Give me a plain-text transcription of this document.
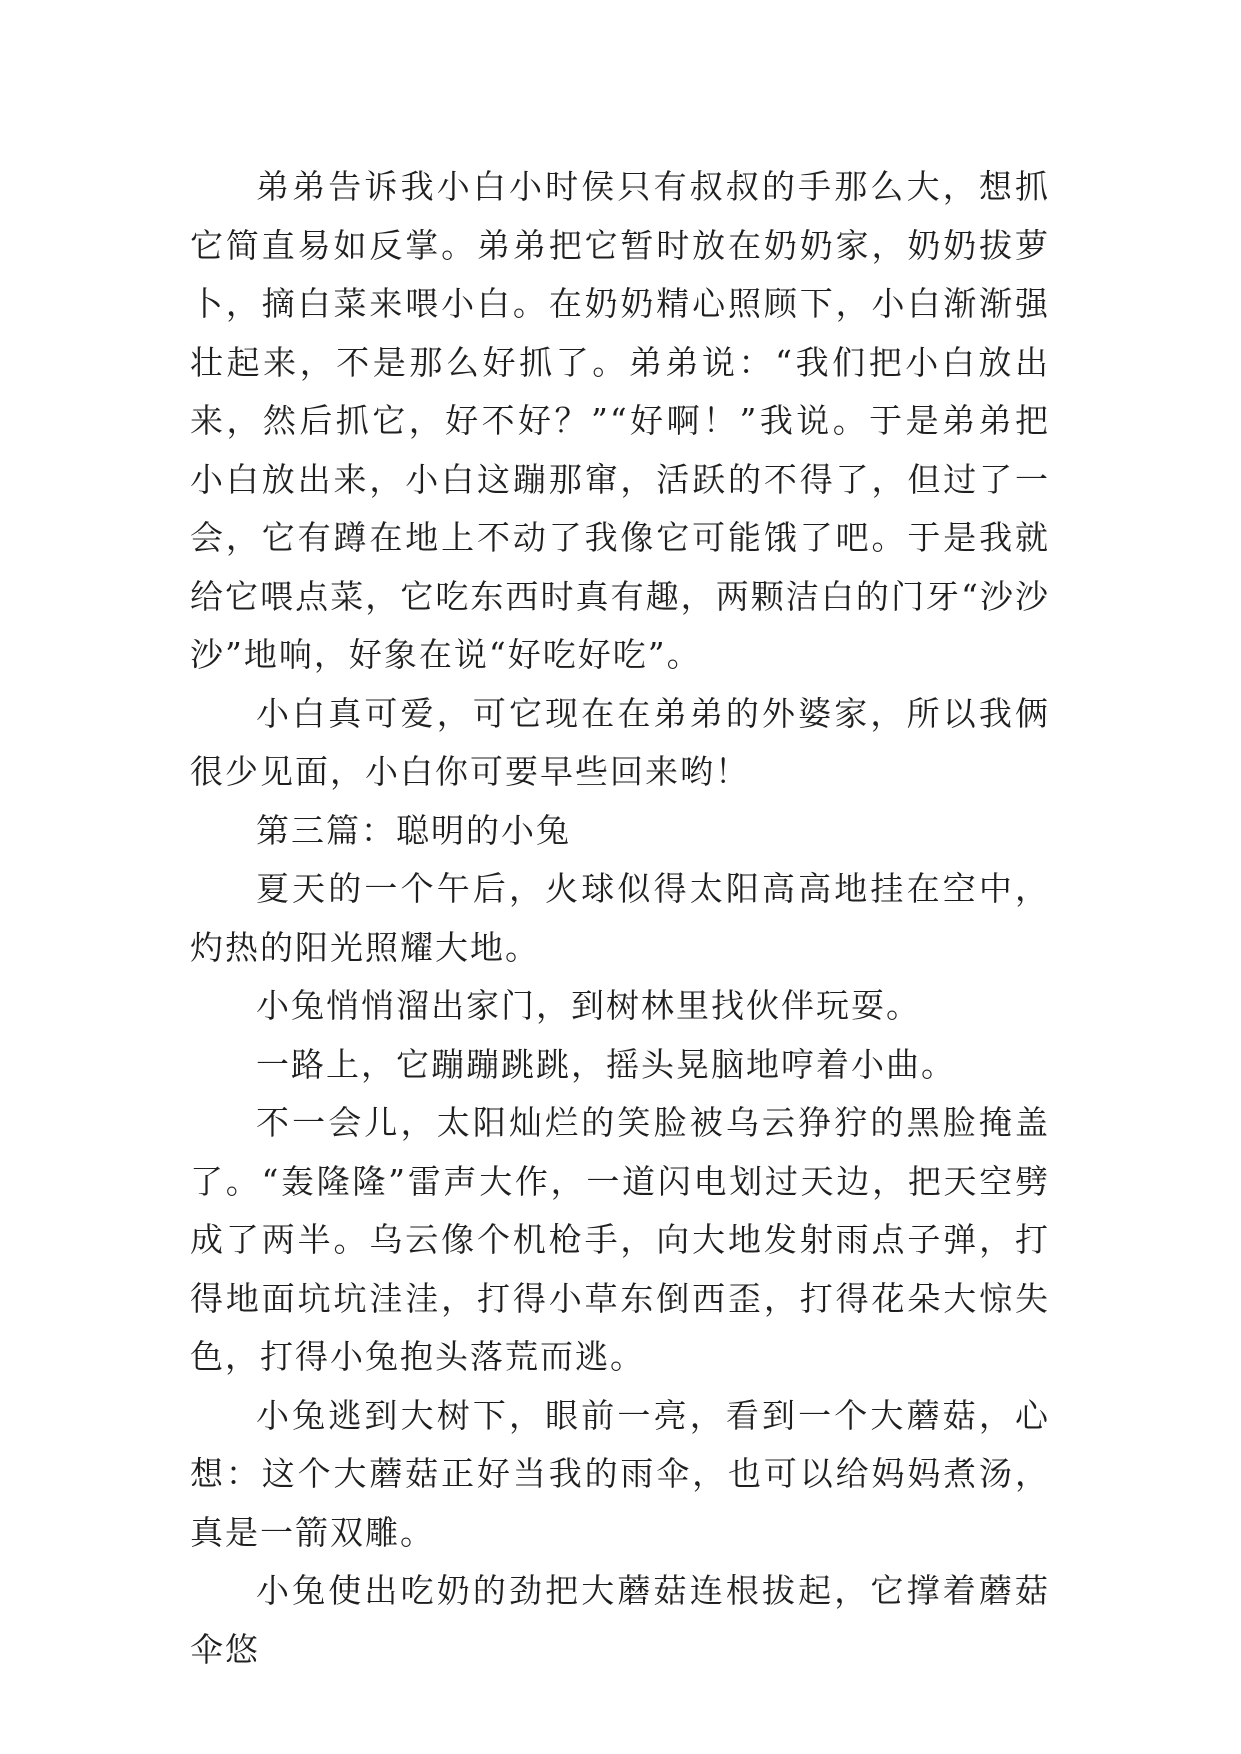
弟弟告诉我小白小时侯只有叔叔的手那么大，想抓它简直易如反掌。弟弟把它暂时放在奶奶家，奶奶拔萝卜，摘白菜来喂小白。在奶奶精心照顾下，小白渐渐强壮起来，不是那么好抓了。弟弟说：“我们把小白放出来，然后抓它，好不好？”“好啊！”我说。于是弟弟把小白放出来，小白这蹦那窜，活跃的不得了，但过了一会，它有蹲在地上不动了我像它可能饿了吧。于是我就给它喂点菜，它吃东西时真有趣，两颗洁白的门牙“沙沙沙”地响，好象在说“好吃好吃”。

小白真可爱，可它现在在弟弟的外婆家，所以我俩很少见面，小白你可要早些回来哟！

第三篇：聪明的小兔

夏天的一个午后，火球似得太阳高高地挂在空中，灼热的阳光照耀大地。

小兔悄悄溜出家门，到树林里找伙伴玩耍。

一路上，它蹦蹦跳跳，摇头晃脑地哼着小曲。

不一会儿，太阳灿烂的笑脸被乌云狰狞的黑脸掩盖了。“轰隆隆”雷声大作，一道闪电划过天边，把天空劈成了两半。乌云像个机枪手，向大地发射雨点子弹，打得地面坑坑洼洼，打得小草东倒西歪，打得花朵大惊失色，打得小兔抱头落荒而逃。

小兔逃到大树下，眼前一亮，看到一个大蘑菇，心想：这个大蘑菇正好当我的雨伞，也可以给妈妈煮汤，真是一箭双雕。

小兔使出吃奶的劲把大蘑菇连根拔起，它撑着蘑菇伞悠
